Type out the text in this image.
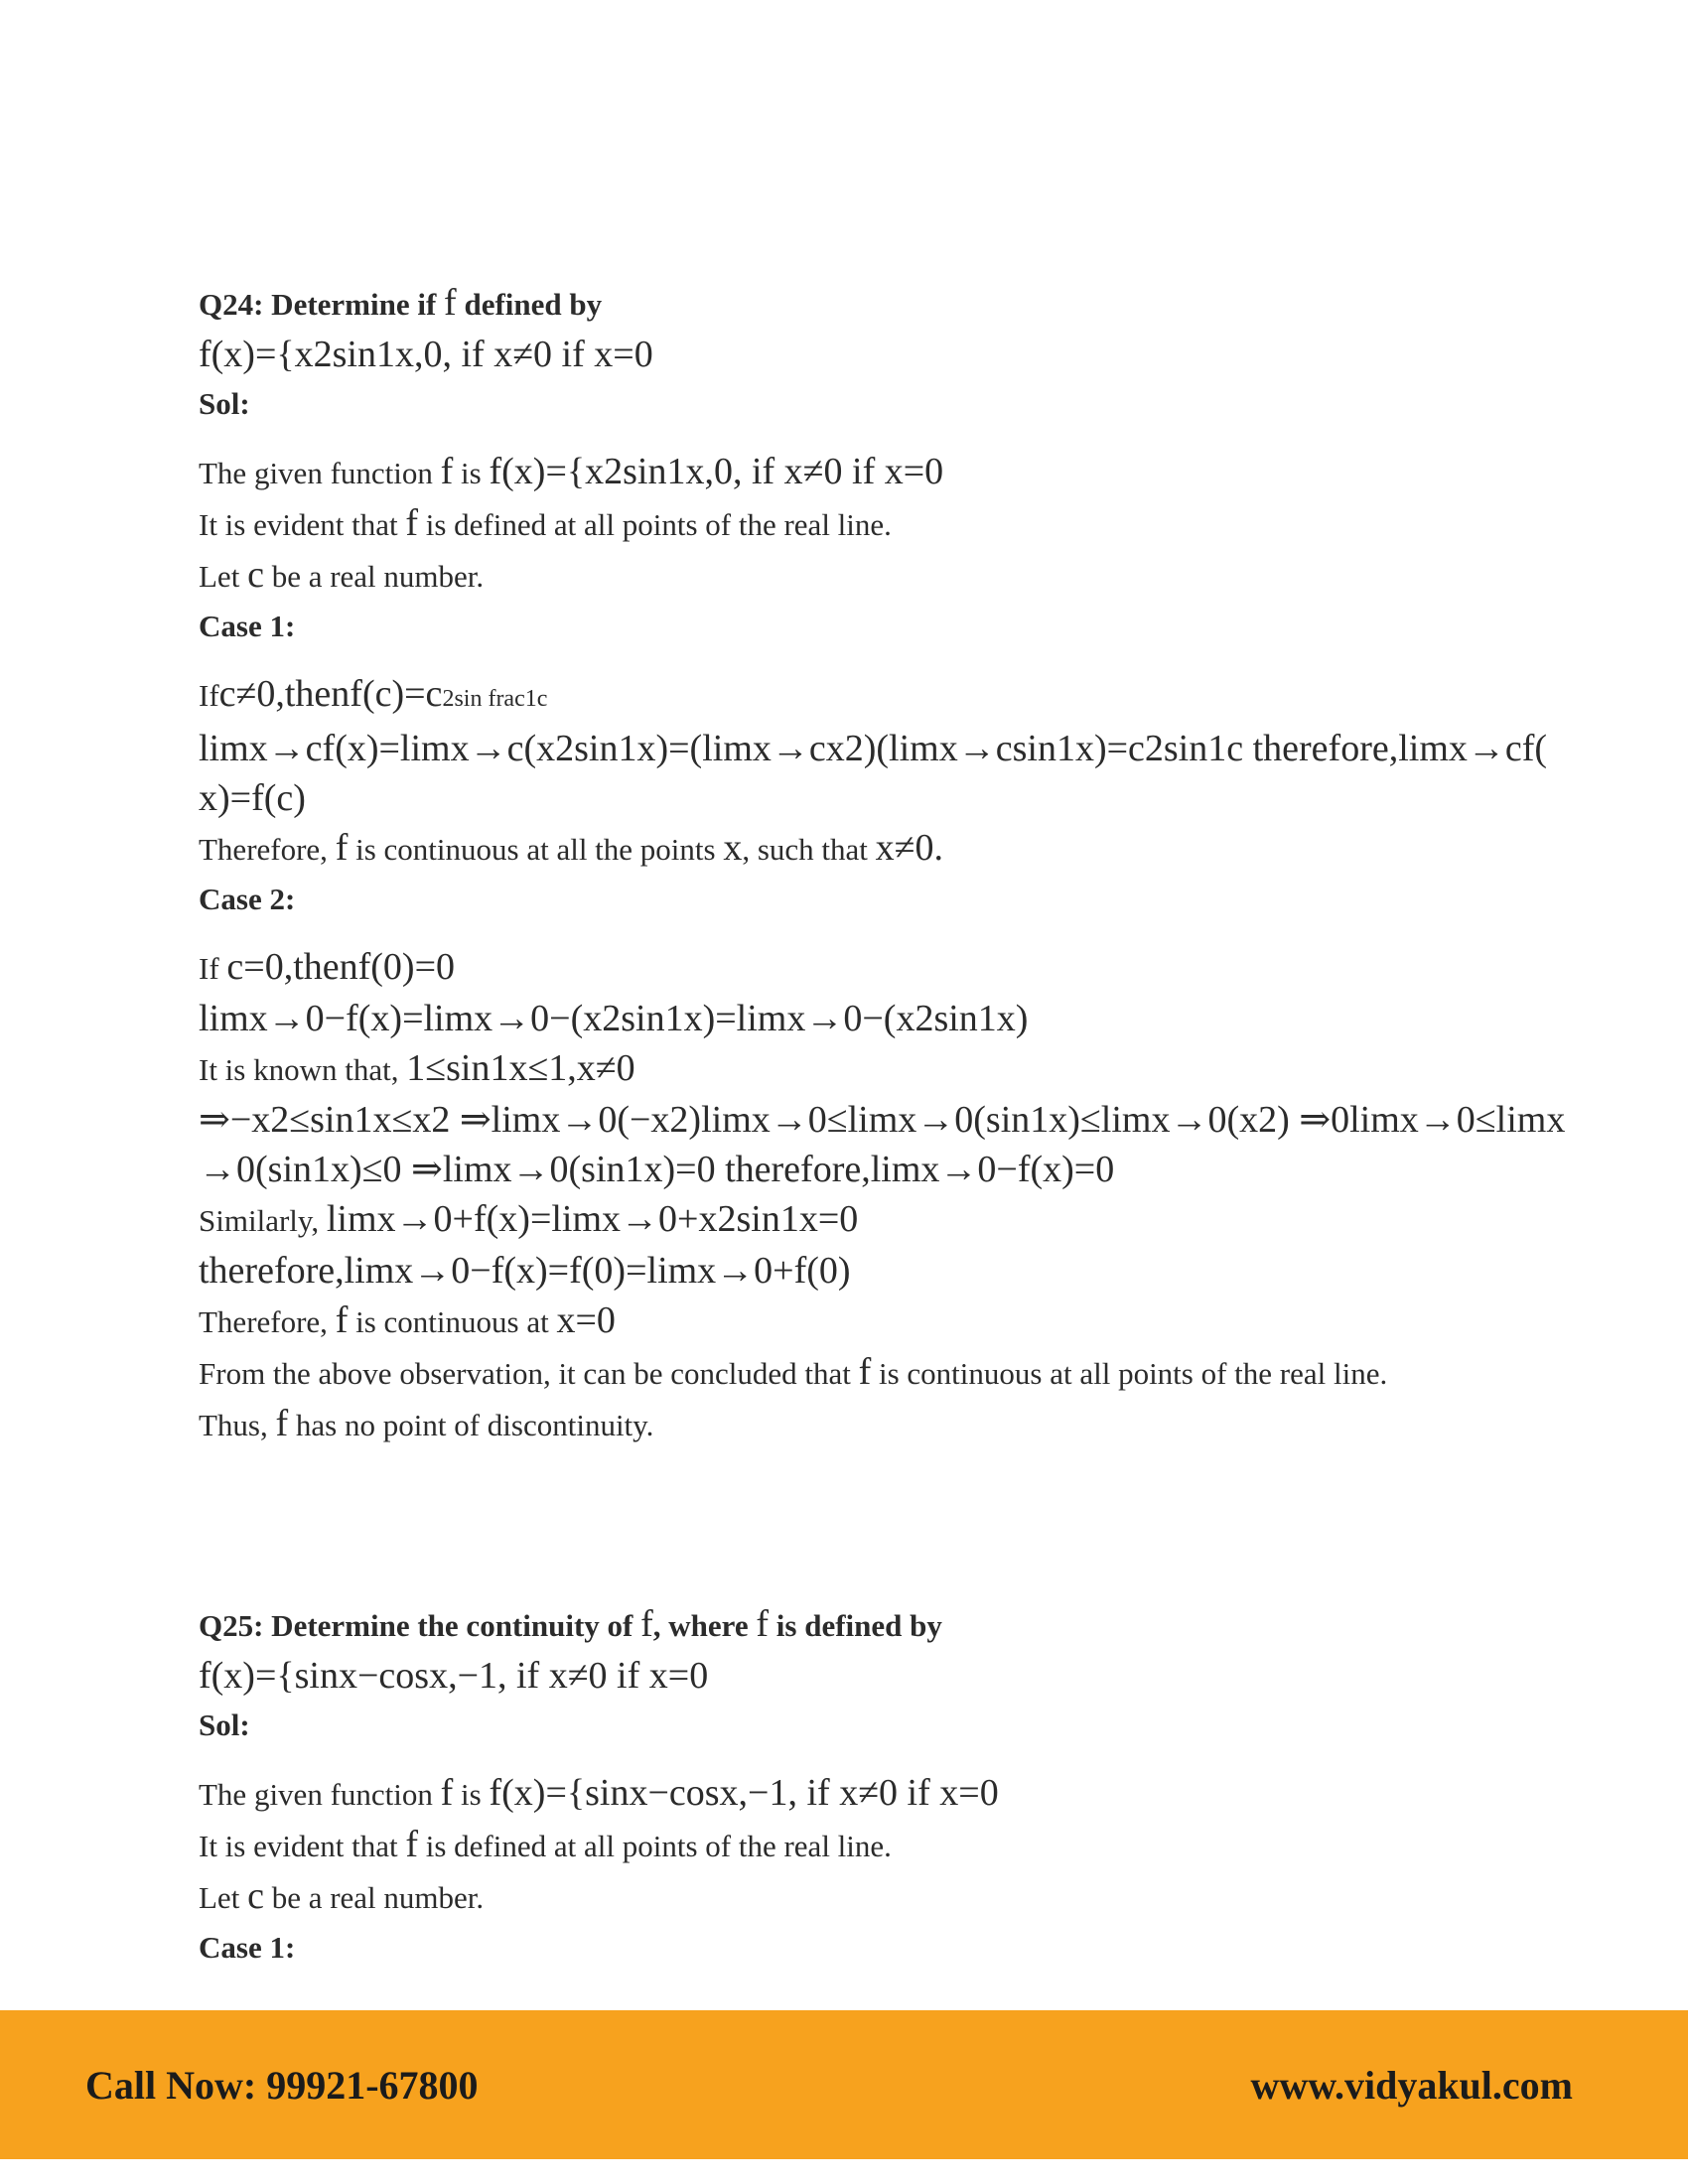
Q24: Determine if f defined by
f(x)={x2sin1x,0, if x≠0 if x=0
Sol:
The given function f is f(x)={x2sin1x,0, if x≠0 if x=0
It is evident that f is defined at all points of the real line.
Let c be a real number.
Case 1:
Ifc≠0,thenf(c)=c2sin frac1c
limx→cf(x)=limx→c(x2sin1x)=(limx→cx2)(limx→csin1x)=c2sin1c therefore,limx→cf(
x)=f(c)
Therefore, f is continuous at all the points x, such that x≠0.
Case 2:
If c=0,thenf(0)=0
limx→0−f(x)=limx→0−(x2sin1x)=limx→0−(x2sin1x)
It is known that, 1≤sin1x≤1,x≠0
⇒−x2≤sin1x≤x2 ⇒limx→0(−x2)limx→0≤limx→0(sin1x)≤limx→0(x2) ⇒0limx→0≤limx
→0(sin1x)≤0 ⇒limx→0(sin1x)=0 therefore,limx→0−f(x)=0
Similarly, limx→0+f(x)=limx→0+x2sin1x=0
therefore,limx→0−f(x)=f(0)=limx→0+f(0)
Therefore, f is continuous at x=0
From the above observation, it can be concluded that f is continuous at all points of the real line.
Thus, f has no point of discontinuity.
Q25: Determine the continuity of f, where f is defined by
f(x)={sinx−cosx,−1, if x≠0 if x=0
Sol:
The given function f is f(x)={sinx−cosx,−1, if x≠0 if x=0
It is evident that f is defined at all points of the real line.
Let c be a real number.
Case 1:
Call Now: 99921-67800	www.vidyakul.com
